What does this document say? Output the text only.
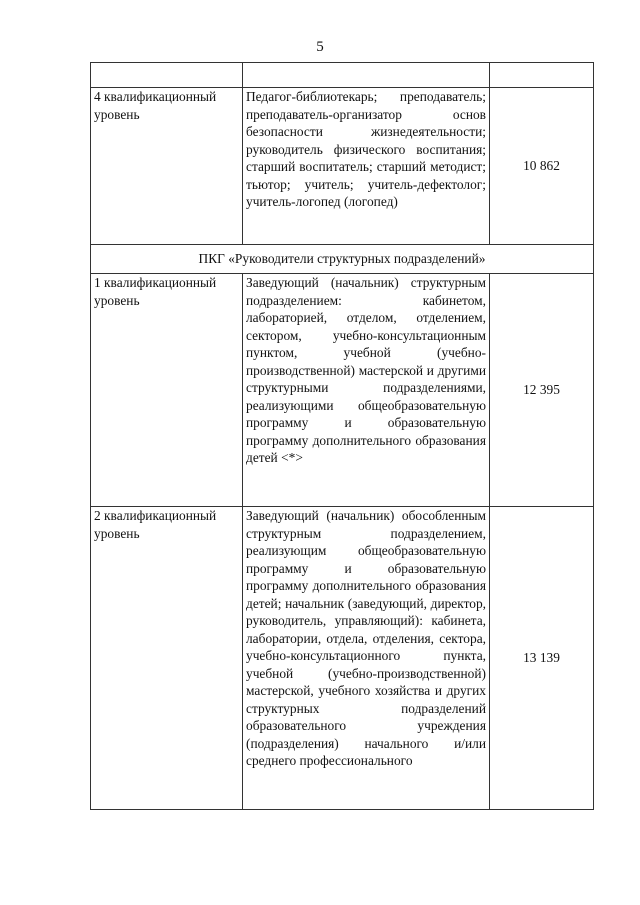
5

4 квалификационный уровень	Педагог-библиотекарь; преподаватель; преподаватель-организатор основ безопасности жизнедеятельности; руководитель физического воспитания; старший воспитатель; старший методист; тьютор; учитель; учитель-дефектолог; учитель-логопед (логопед)	10 862
ПКГ «Руководители структурных подразделений»		
1 квалификационный уровень	Заведующий (начальник) структурным подразделением: кабинетом, лабораторией, отделом, отделением, сектором, учебно-консультационным пунктом, учебной (учебно-производственной) мастерской и другими структурными подразделениями, реализующими общеобразовательную программу и образовательную программу дополнительного образования детей <*>	12 395
2 квалификационный уровень	Заведующий (начальник) обособленным структурным подразделением, реализующим общеобразовательную программу и образовательную программу дополнительного образования детей; начальник (заведующий, директор, руководитель, управляющий): кабинета, лаборатории, отдела, отделения, сектора, учебно-консультационного пункта, учебной (учебно-производственной) мастерской, учебного хозяйства и других структурных подразделений образовательного учреждения (подразделения) начального и/или среднего профессионального	13 139
